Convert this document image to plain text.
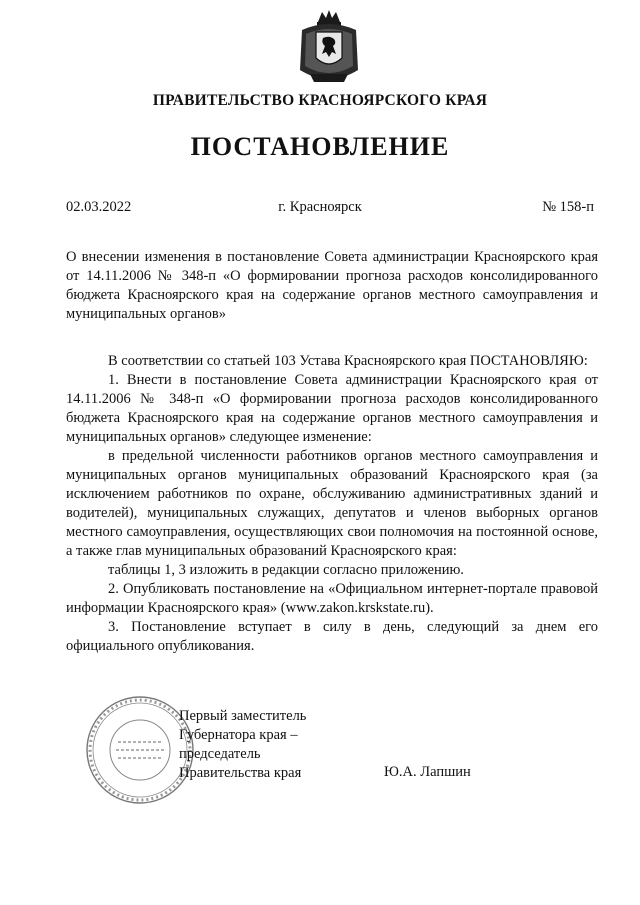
ПРАВИТЕЛЬСТВО КРАСНОЯРСКОГО КРАЯ
ПОСТАНОВЛЕНИЕ
02.03.2022	г. Красноярск	№ 158-п
О внесении изменения в постановление Совета администрации Красноярского края от 14.11.2006 № 348-п «О формировании прогноза расходов консолидированного бюджета Красноярского края на содержание органов местного самоуправления и муниципальных органов»

В соответствии со статьей 103 Устава Красноярского края ПОСТАНОВЛЯЮ:

1. Внести в постановление Совета администрации Красноярского края от 14.11.2006 № 348-п «О формировании прогноза расходов консолидированного бюджета Красноярского края на содержание органов местного самоуправления и муниципальных органов» следующее изменение:

в предельной численности работников органов местного самоуправления и муниципальных органов муниципальных образований Красноярского края (за исключением работников по охране, обслуживанию административных зданий и водителей), муниципальных служащих, депутатов и членов выборных органов местного самоуправления, осуществляющих свои полномочия на постоянной основе, а также глав муниципальных образований Красноярского края:

таблицы 1, 3 изложить в редакции согласно приложению.

2. Опубликовать постановление на «Официальном интернет-портале правовой информации Красноярского края» (www.zakon.krskstate.ru).

3. Постановление вступает в силу в день, следующий за днем его официального опубликования.

Первый заместитель
Губернатора края –
председатель
Правительства края	Ю.А. Лапшин
